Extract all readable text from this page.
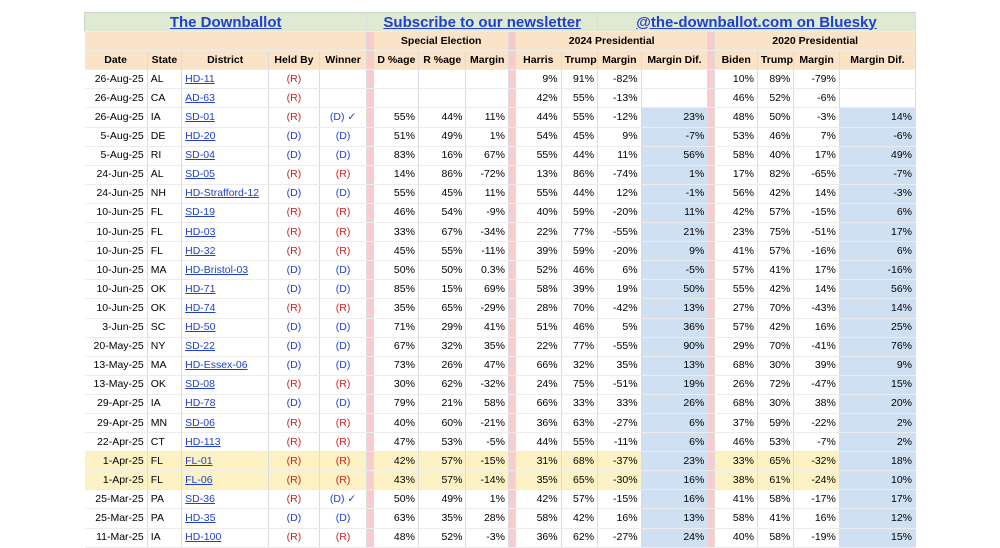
The Downballot					Subscribe to our newsletter							@the-downballot.com on Bluesky						
						Special Election				2024 Presidential					2020 Presidential			
Date	State	District	Held By	Winner		D %age	R %age	Margin		Harris	Trump	Margin	Margin Dif.		Biden	Trump	Margin	Margin Dif.
26-Aug-25	AL	HD-11	(R)							9%	91%	-82%			10%	89%	-79%	
26-Aug-25	CA	AD-63	(R)							42%	55%	-13%			46%	52%	-6%	
26-Aug-25	IA	SD-01	(R)	(D) ✓		55%	44%	11%		44%	55%	-12%	23%		48%	50%	-3%	14%
5-Aug-25	DE	HD-20	(D)	(D)		51%	49%	1%		54%	45%	9%	-7%		53%	46%	7%	-6%
5-Aug-25	RI	SD-04	(D)	(D)		83%	16%	67%		55%	44%	11%	56%		58%	40%	17%	49%
24-Jun-25	AL	SD-05	(R)	(R)		14%	86%	-72%		13%	86%	-74%	1%		17%	82%	-65%	-7%
24-Jun-25	NH	HD-Strafford-12	(D)	(D)		55%	45%	11%		55%	44%	12%	-1%		56%	42%	14%	-3%
10-Jun-25	FL	SD-19	(R)	(R)		46%	54%	-9%		40%	59%	-20%	11%		42%	57%	-15%	6%
10-Jun-25	FL	HD-03	(R)	(R)		33%	67%	-34%		22%	77%	-55%	21%		23%	75%	-51%	17%
10-Jun-25	FL	HD-32	(R)	(R)		45%	55%	-11%		39%	59%	-20%	9%		41%	57%	-16%	6%
10-Jun-25	MA	HD-Bristol-03	(D)	(D)		50%	50%	0.3%		52%	46%	6%	-5%		57%	41%	17%	-16%
10-Jun-25	OK	HD-71	(D)	(D)		85%	15%	69%		58%	39%	19%	50%		55%	42%	14%	56%
10-Jun-25	OK	HD-74	(R)	(R)		35%	65%	-29%		28%	70%	-42%	13%		27%	70%	-43%	14%
3-Jun-25	SC	HD-50	(D)	(D)		71%	29%	41%		51%	46%	5%	36%		57%	42%	16%	25%
20-May-25	NY	SD-22	(D)	(D)		67%	32%	35%		22%	77%	-55%	90%		29%	70%	-41%	76%
13-May-25	MA	HD-Essex-06	(D)	(D)		73%	26%	47%		66%	32%	35%	13%		68%	30%	39%	9%
13-May-25	OK	SD-08	(R)	(R)		30%	62%	-32%		24%	75%	-51%	19%		26%	72%	-47%	15%
29-Apr-25	IA	HD-78	(D)	(D)		79%	21%	58%		66%	33%	33%	26%		68%	30%	38%	20%
29-Apr-25	MN	SD-06	(R)	(R)		40%	60%	-21%		36%	63%	-27%	6%		37%	59%	-22%	2%
22-Apr-25	CT	HD-113	(R)	(R)		47%	53%	-5%		44%	55%	-11%	6%		46%	53%	-7%	2%
1-Apr-25	FL	FL-01	(R)	(R)		42%	57%	-15%		31%	68%	-37%	23%		33%	65%	-32%	18%
1-Apr-25	FL	FL-06	(R)	(R)		43%	57%	-14%		35%	65%	-30%	16%		38%	61%	-24%	10%
25-Mar-25	PA	SD-36	(R)	(D) ✓		50%	49%	1%		42%	57%	-15%	16%		41%	58%	-17%	17%
25-Mar-25	PA	HD-35	(D)	(D)		63%	35%	28%		58%	42%	16%	13%		58%	41%	16%	12%
11-Mar-25	IA	HD-100	(R)	(R)		48%	52%	-3%		36%	62%	-27%	24%		40%	58%	-19%	15%
